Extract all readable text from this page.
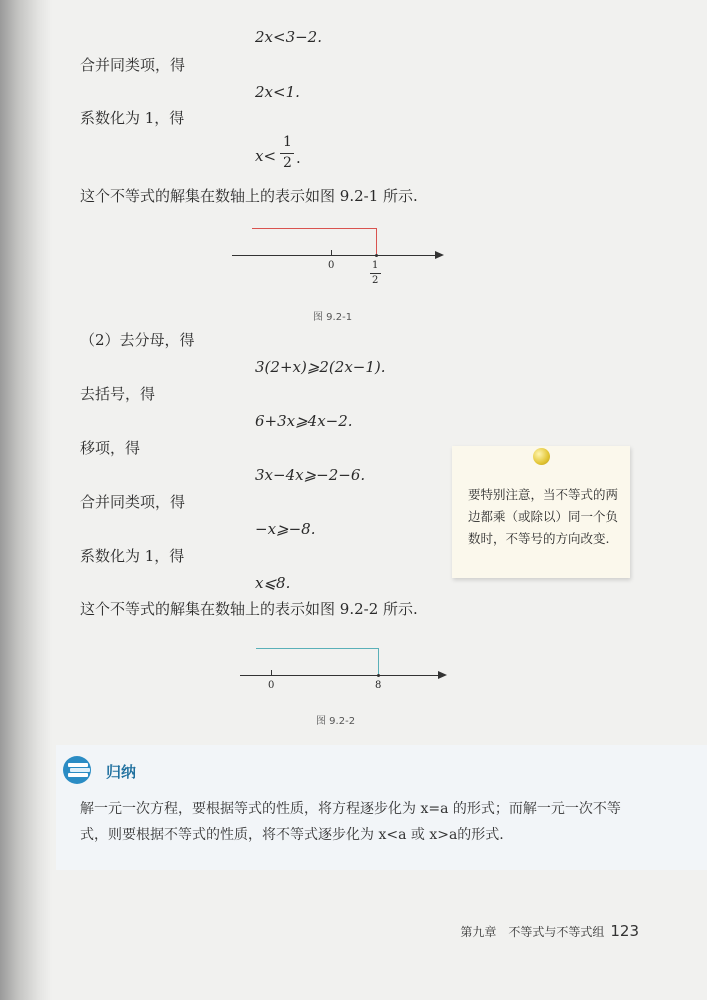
2x<3−2.
合并同类项，得
2x<1.
系数化为 1，得
x<
1
2 .
这个不等式的解集在数轴上的表示如图 9.2-1 所示.
0	1
2
图 9.2-1
（2）去分母，得
3(2+x)⩾2(2x−1).
去括号，得
6+3x⩾4x−2.
移项，得
3x−4x⩾−2−6.
合并同类项，得
−x⩾−8.
系数化为 1，得
x⩽8.
这个不等式的解集在数轴上的表示如图 9.2-2 所示.
要特别注意，当不等式的两边都乘（或除以）同一个负数时，不等号的方向改变.
0	8
图 9.2-2
归纳
解一元一次方程，要根据等式的性质，将方程逐步化为 x=a 的形式；而解一元一次不等式，则要根据不等式的性质，将不等式逐步化为 x<a 或 x>a的形式.
第九章　不等式与不等式组 123
